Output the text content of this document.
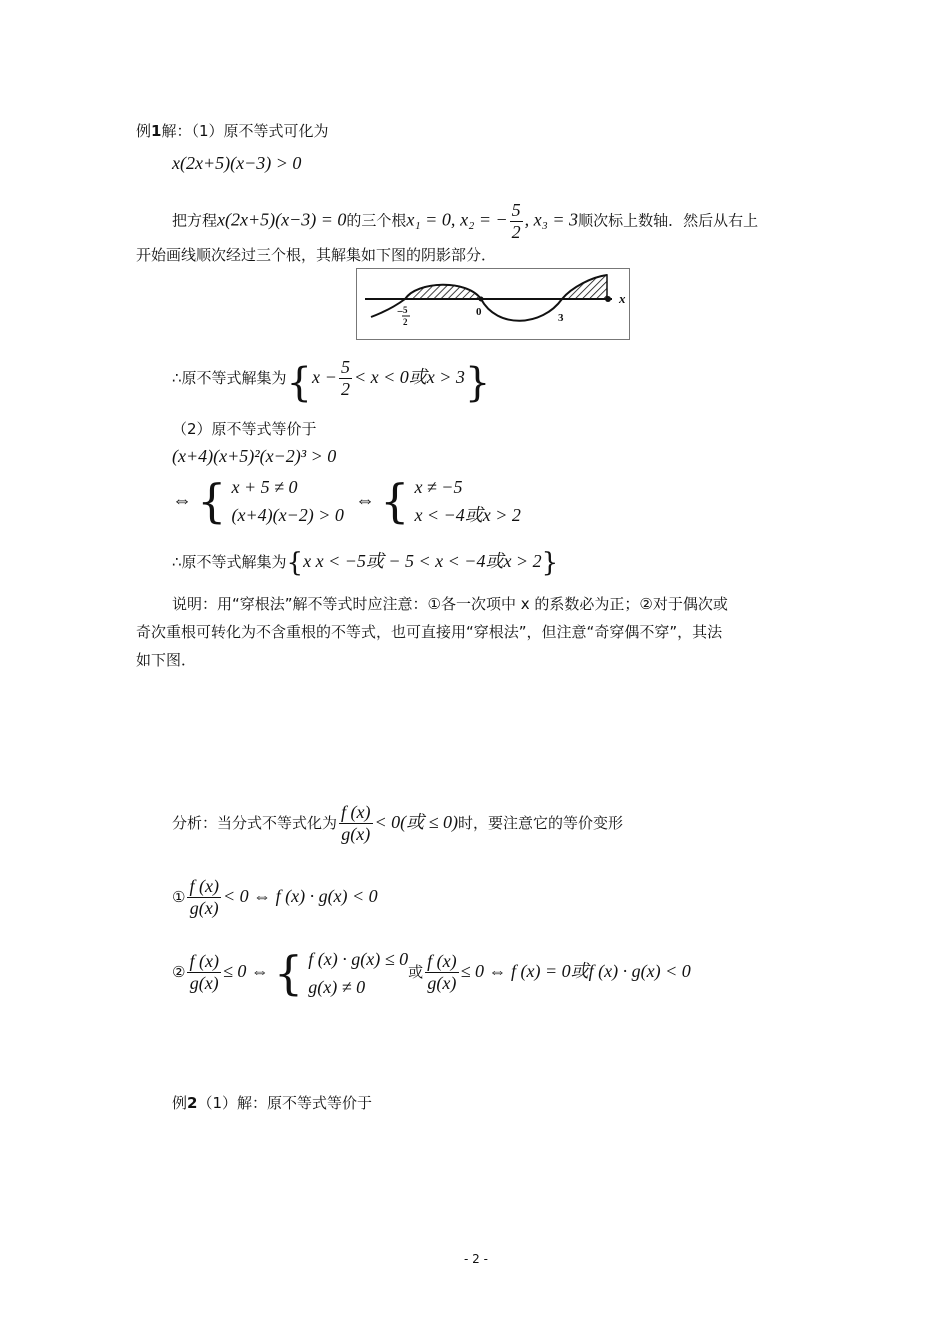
例1解：（1）原不等式可化为
x(2x+5)(x−3) > 0
把方程x(2x+5)(x−3) = 0的三个根x₁ = 0, x₂ = − $\frac{5}{2}$ , x₃ = 3顺次标上数轴．然后从右上
开始画线顺次经过三个根，其解集如下图的阴影部分．
x
− 5
2
0	3
∴原不等式解集为{$x - \frac{5}{2} < x < 0$或x > 3}
（2）原不等式等价于
(x+4)(x+5)²(x−2)³ > 0
⇔ { x + 5 ≠ 0
(x+4)(x−2) > 0
⇔ { x ≠ −5
x < −4或x > 2
∴原不等式解集为{x x < −5或 − 5 < x < −4或x > 2}
说明：用“穿根法”解不等式时应注意：①各一次项中 x 的系数必为正；②对于偶次或
奇次重根可转化为不含重根的不等式，也可直接用“穿根法”，但注意“奇穿偶不穿”，其法
如下图．
分析：当分式不等式化为 $\frac{f (x)}{g(x)} < 0$(或 ≤ 0)时，要注意它的等价变形
① $\frac{f (x)}{g(x)} < 0$ ⇔ f (x) · g(x) < 0
② $\frac{f (x)}{g(x)} \le 0$ ⇔ { f (x) · g(x) ≤ 0
g(x) ≠ 0
或 $\frac{f (x)}{g(x)} \le 0$ ⇔ f (x) = 0或f (x) · g(x) < 0
例2（1）解：原不等式等价于
- 2 -
